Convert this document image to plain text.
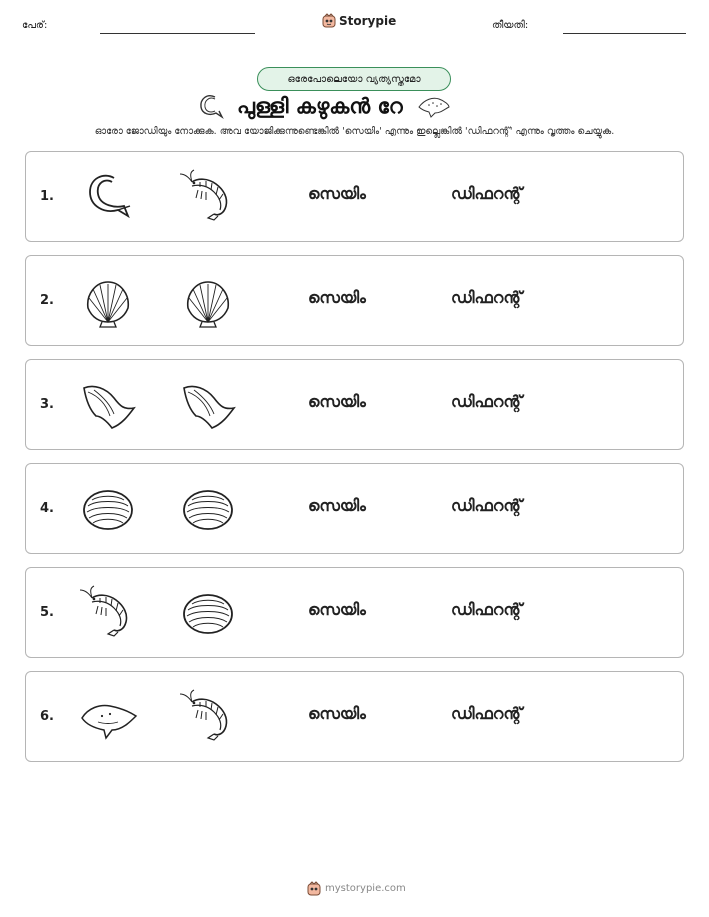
പേര്:	Storypie	തീയതി:
ഒരേപോലെയോ വ്യത്യസ്തമോ
പുള്ളി കഴുകൻ റേ
ഓരോ ജോഡിയും നോക്കുക. അവ യോജിക്കുന്നുണ്ടെങ്കിൽ 'സെയിം' എന്നും ഇല്ലെങ്കിൽ 'ഡിഫറന്റ്' എന്നും വൃത്തം ചെയ്യുക.
1.	സെയിം	ഡിഫറന്റ്
2.	സെയിം	ഡിഫറന്റ്
3.	സെയിം	ഡിഫറന്റ്
4.	സെയിം	ഡിഫറന്റ്
5.	സെയിം	ഡിഫറന്റ്
6.	സെയിം	ഡിഫറന്റ്
mystorypie.com
